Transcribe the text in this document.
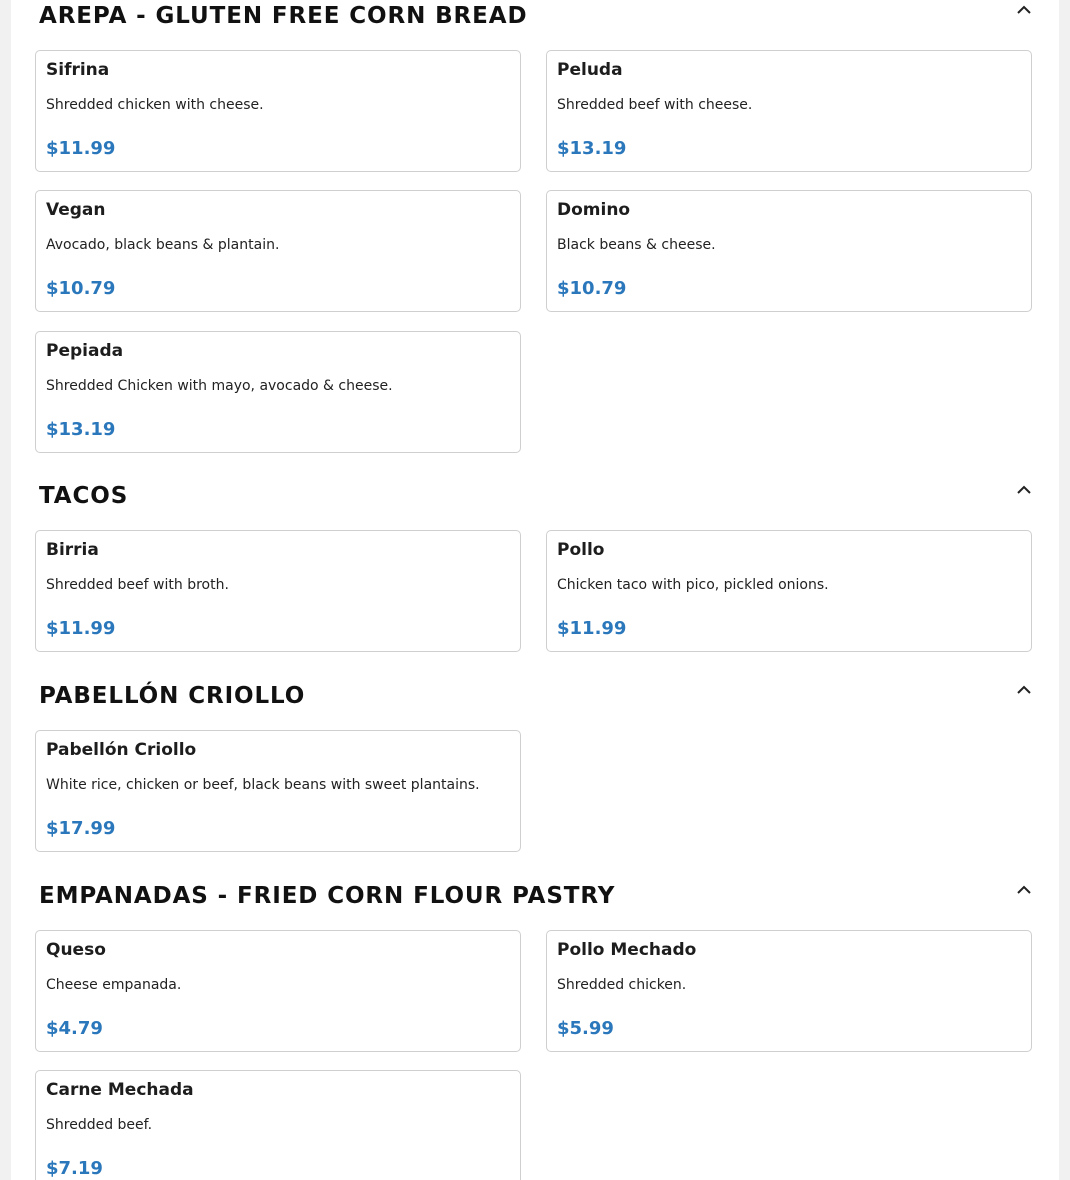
AREPA - GLUTEN FREE CORN BREAD
Sifrina
Shredded chicken with cheese.
$11.99
Peluda
Shredded beef with cheese.
$13.19
Vegan
Avocado, black beans & plantain.
$10.79
Domino
Black beans & cheese.
$10.79
Pepiada
Shredded Chicken with mayo, avocado & cheese.
$13.19
TACOS
Birria
Shredded beef with broth.
$11.99
Pollo
Chicken taco with pico, pickled onions.
$11.99
PABELLÓN CRIOLLO
Pabellón Criollo
White rice, chicken or beef, black beans with sweet plantains.
$17.99
EMPANADAS - FRIED CORN FLOUR PASTRY
Queso
Cheese empanada.
$4.79
Pollo Mechado
Shredded chicken.
$5.99
Carne Mechada
Shredded beef.
$7.19
